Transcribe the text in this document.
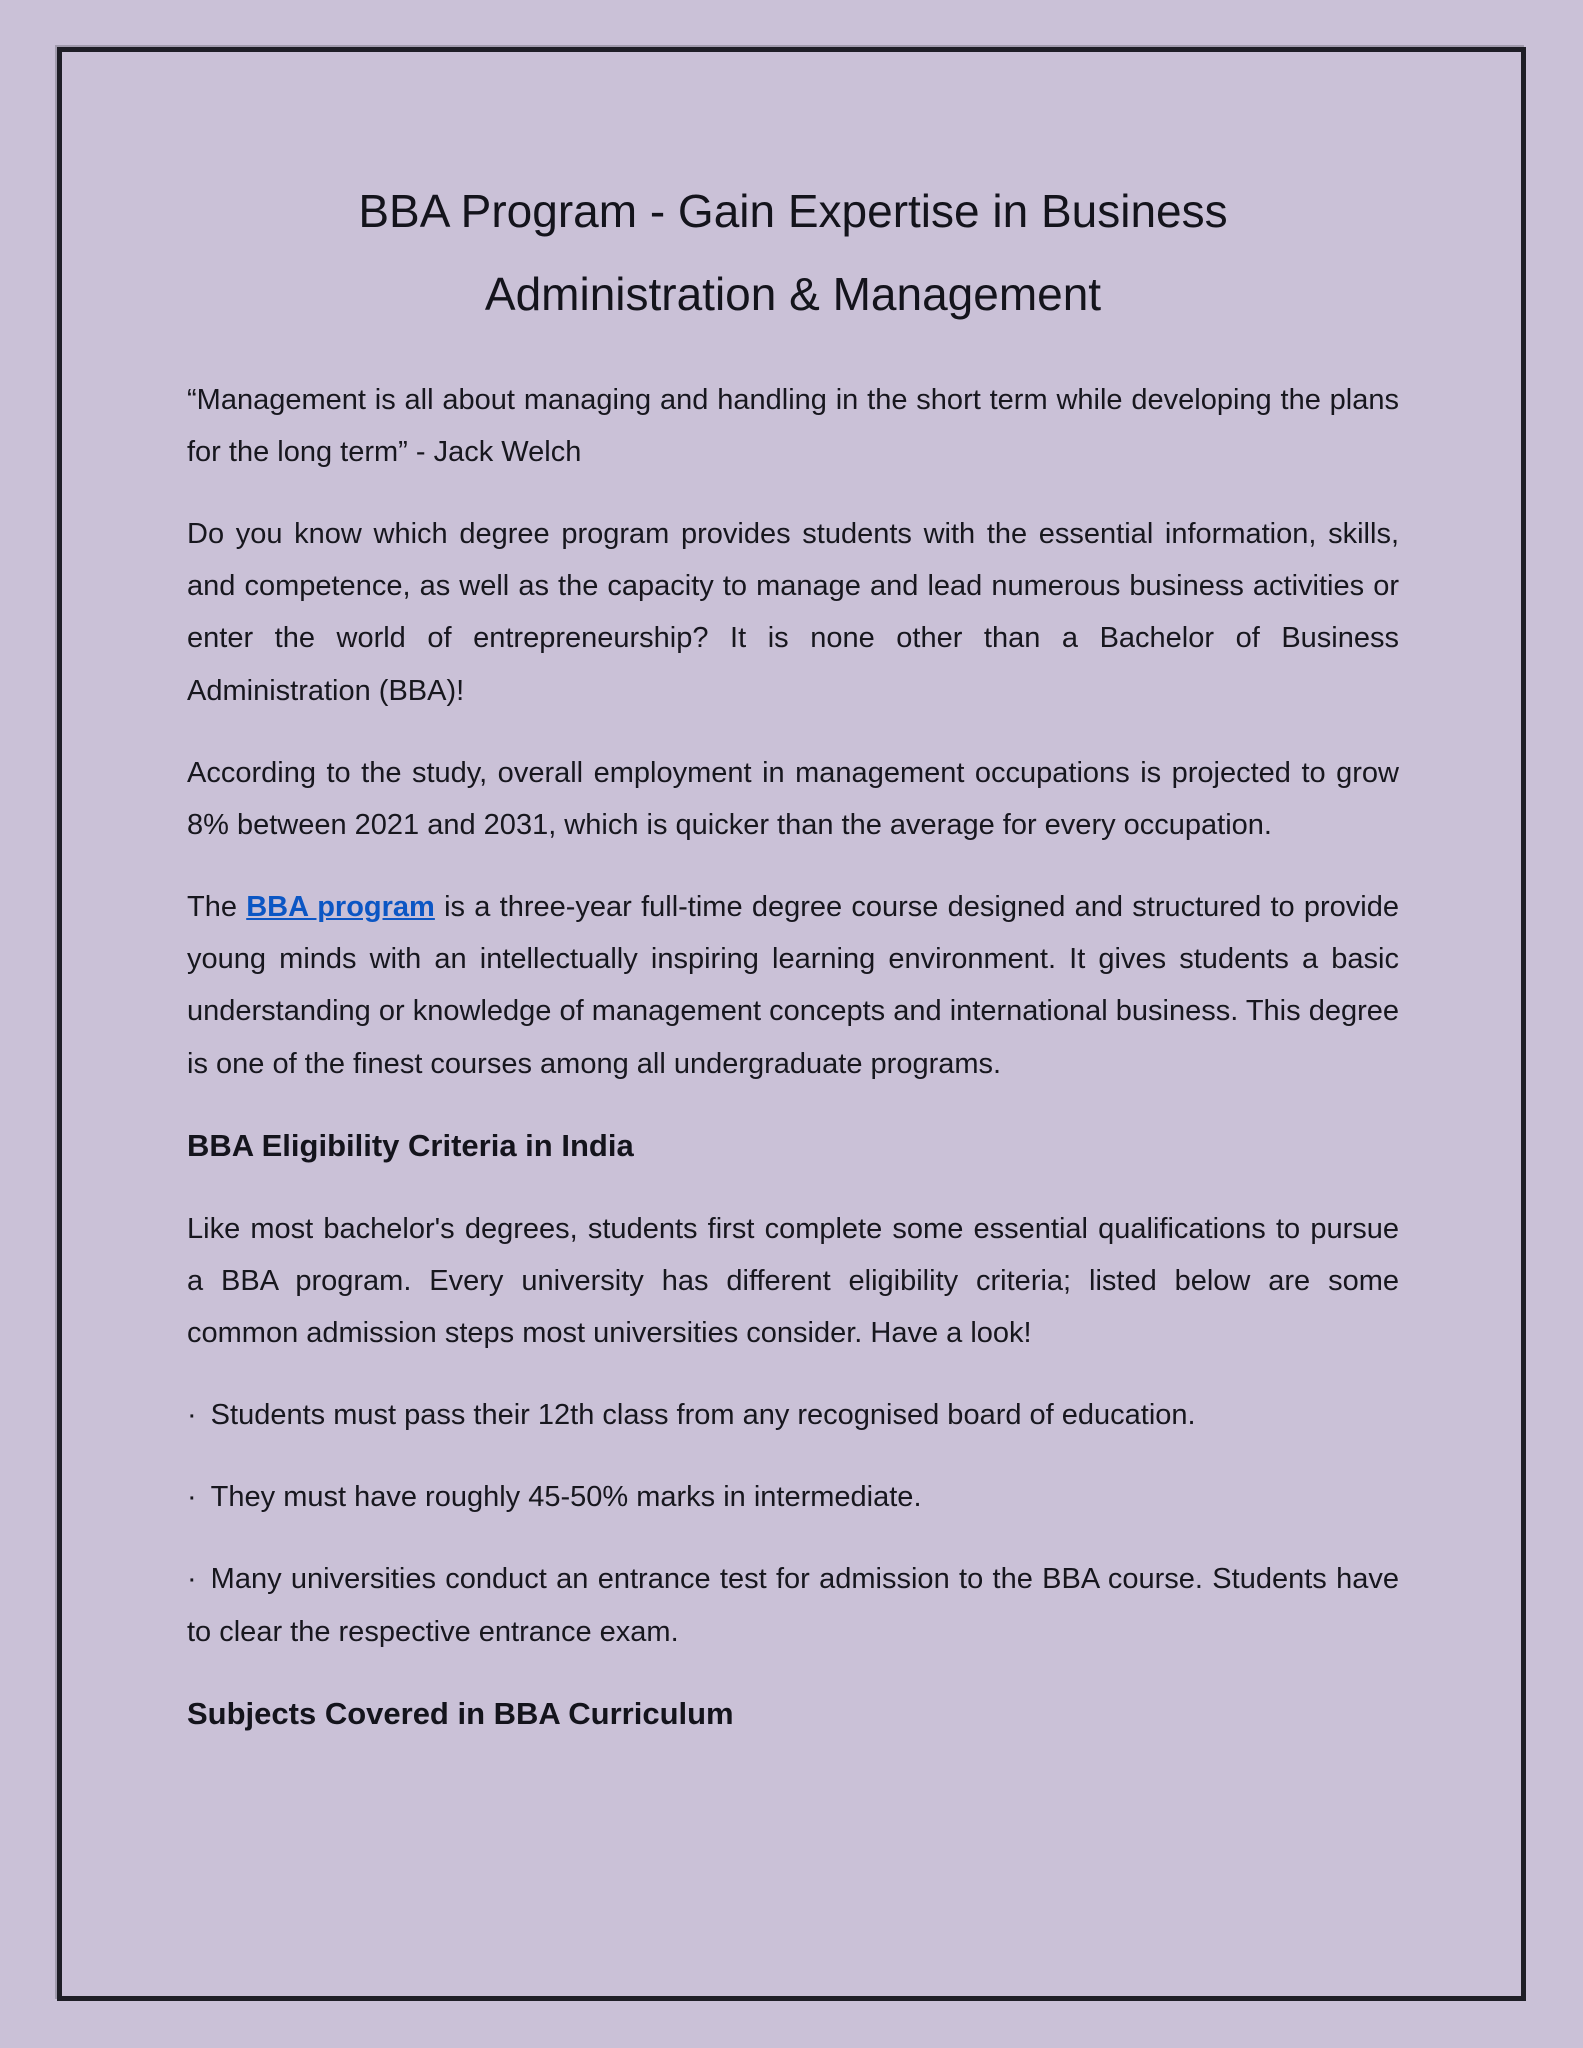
BBA Program - Gain Expertise in Business
Administration & Management

“Management is all about managing and handling in the short term while developing the plans for the long term” - Jack Welch

Do you know which degree program provides students with the essential information, skills, and competence, as well as the capacity to manage and lead numerous business activities or enter the world of entrepreneurship? It is none other than a Bachelor of Business Administration (BBA)!

According to the study, overall employment in management occupations is projected to grow 8% between 2021 and 2031, which is quicker than the average for every occupation.

The BBA program is a three-year full-time degree course designed and structured to provide young minds with an intellectually inspiring learning environment. It gives students a basic understanding or knowledge of management concepts and international business. This degree is one of the finest courses among all undergraduate programs.

BBA Eligibility Criteria in India

Like most bachelor's degrees, students first complete some essential qualifications to pursue a BBA program. Every university has different eligibility criteria; listed below are some common admission steps most universities consider. Have a look!

· Students must pass their 12th class from any recognised board of education.

· They must have roughly 45-50% marks in intermediate.

· Many universities conduct an entrance test for admission to the BBA course. Students have to clear the respective entrance exam.

Subjects Covered in BBA Curriculum
